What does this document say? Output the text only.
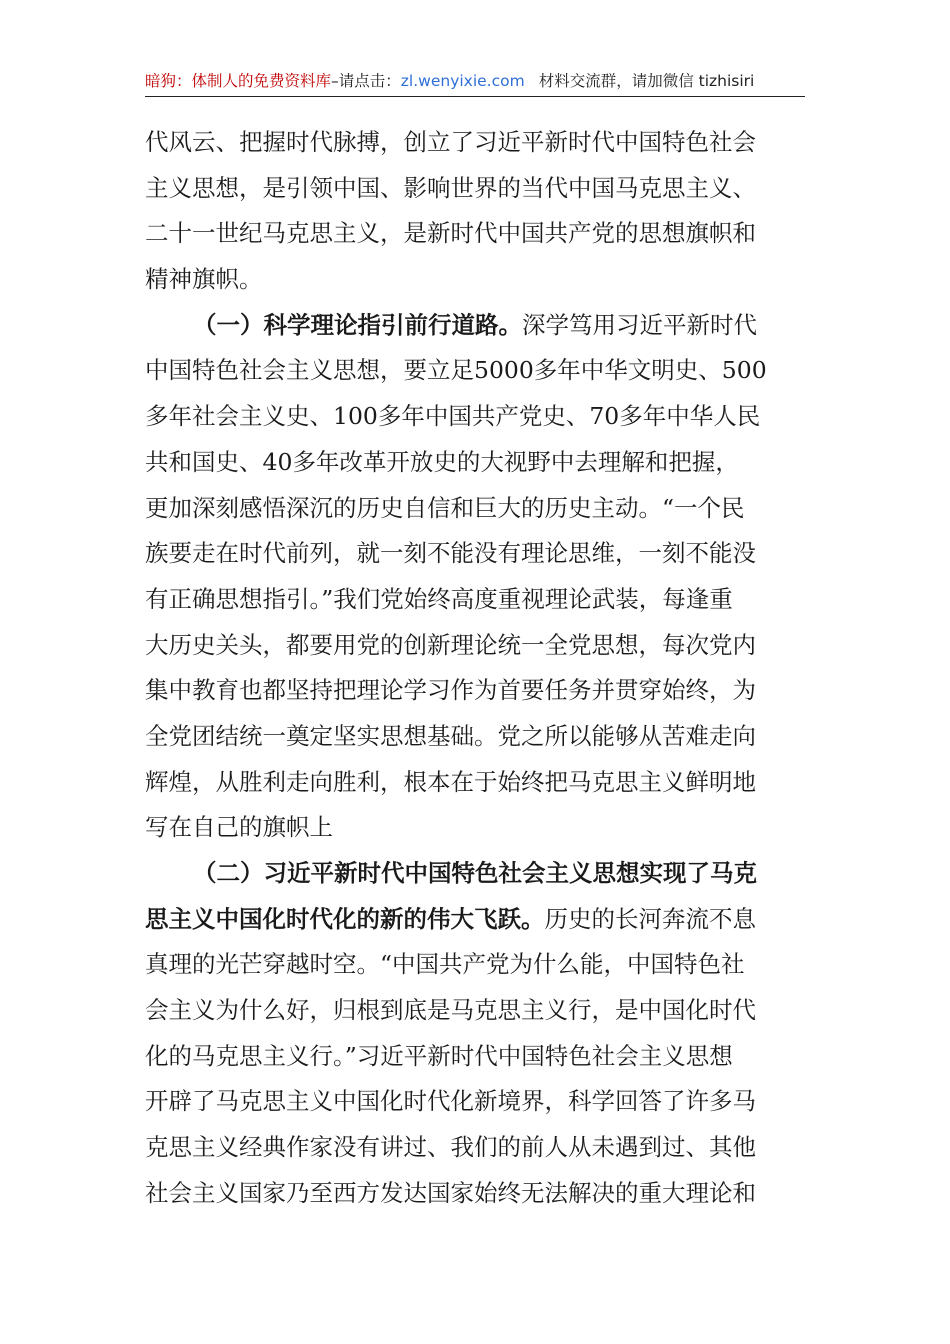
暗狗：体制人的免费资料库–请点击：zl.wenyixie.com 材料交流群，请加微信 tizhisiri
代风云、把握时代脉搏，创立了习近平新时代中国特色社会
主义思想，是引领中国、影响世界的当代中国马克思主义、
二十一世纪马克思主义，是新时代中国共产党的思想旗帜和
精神旗帜。
（一）科学理论指引前行道路。深学笃用习近平新时代
中国特色社会主义思想，要立足5000多年中华文明史、500
多年社会主义史、100多年中国共产党史、70多年中华人民
共和国史、40多年改革开放史的大视野中去理解和把握，
更加深刻感悟深沉的历史自信和巨大的历史主动。“一个民
族要走在时代前列，就一刻不能没有理论思维，一刻不能没
有正确思想指引。”我们党始终高度重视理论武装，每逢重
大历史关头，都要用党的创新理论统一全党思想，每次党内
集中教育也都坚持把理论学习作为首要任务并贯穿始终，为
全党团结统一奠定坚实思想基础。党之所以能够从苦难走向
辉煌，从胜利走向胜利，根本在于始终把马克思主义鲜明地
写在自己的旗帜上
（二）习近平新时代中国特色社会主义思想实现了马克
思主义中国化时代化的新的伟大飞跃。历史的长河奔流不息
真理的光芒穿越时空。“中国共产党为什么能，中国特色社
会主义为什么好，归根到底是马克思主义行，是中国化时代
化的马克思主义行。”习近平新时代中国特色社会主义思想
开辟了马克思主义中国化时代化新境界，科学回答了许多马
克思主义经典作家没有讲过、我们的前人从未遇到过、其他
社会主义国家乃至西方发达国家始终无法解决的重大理论和
